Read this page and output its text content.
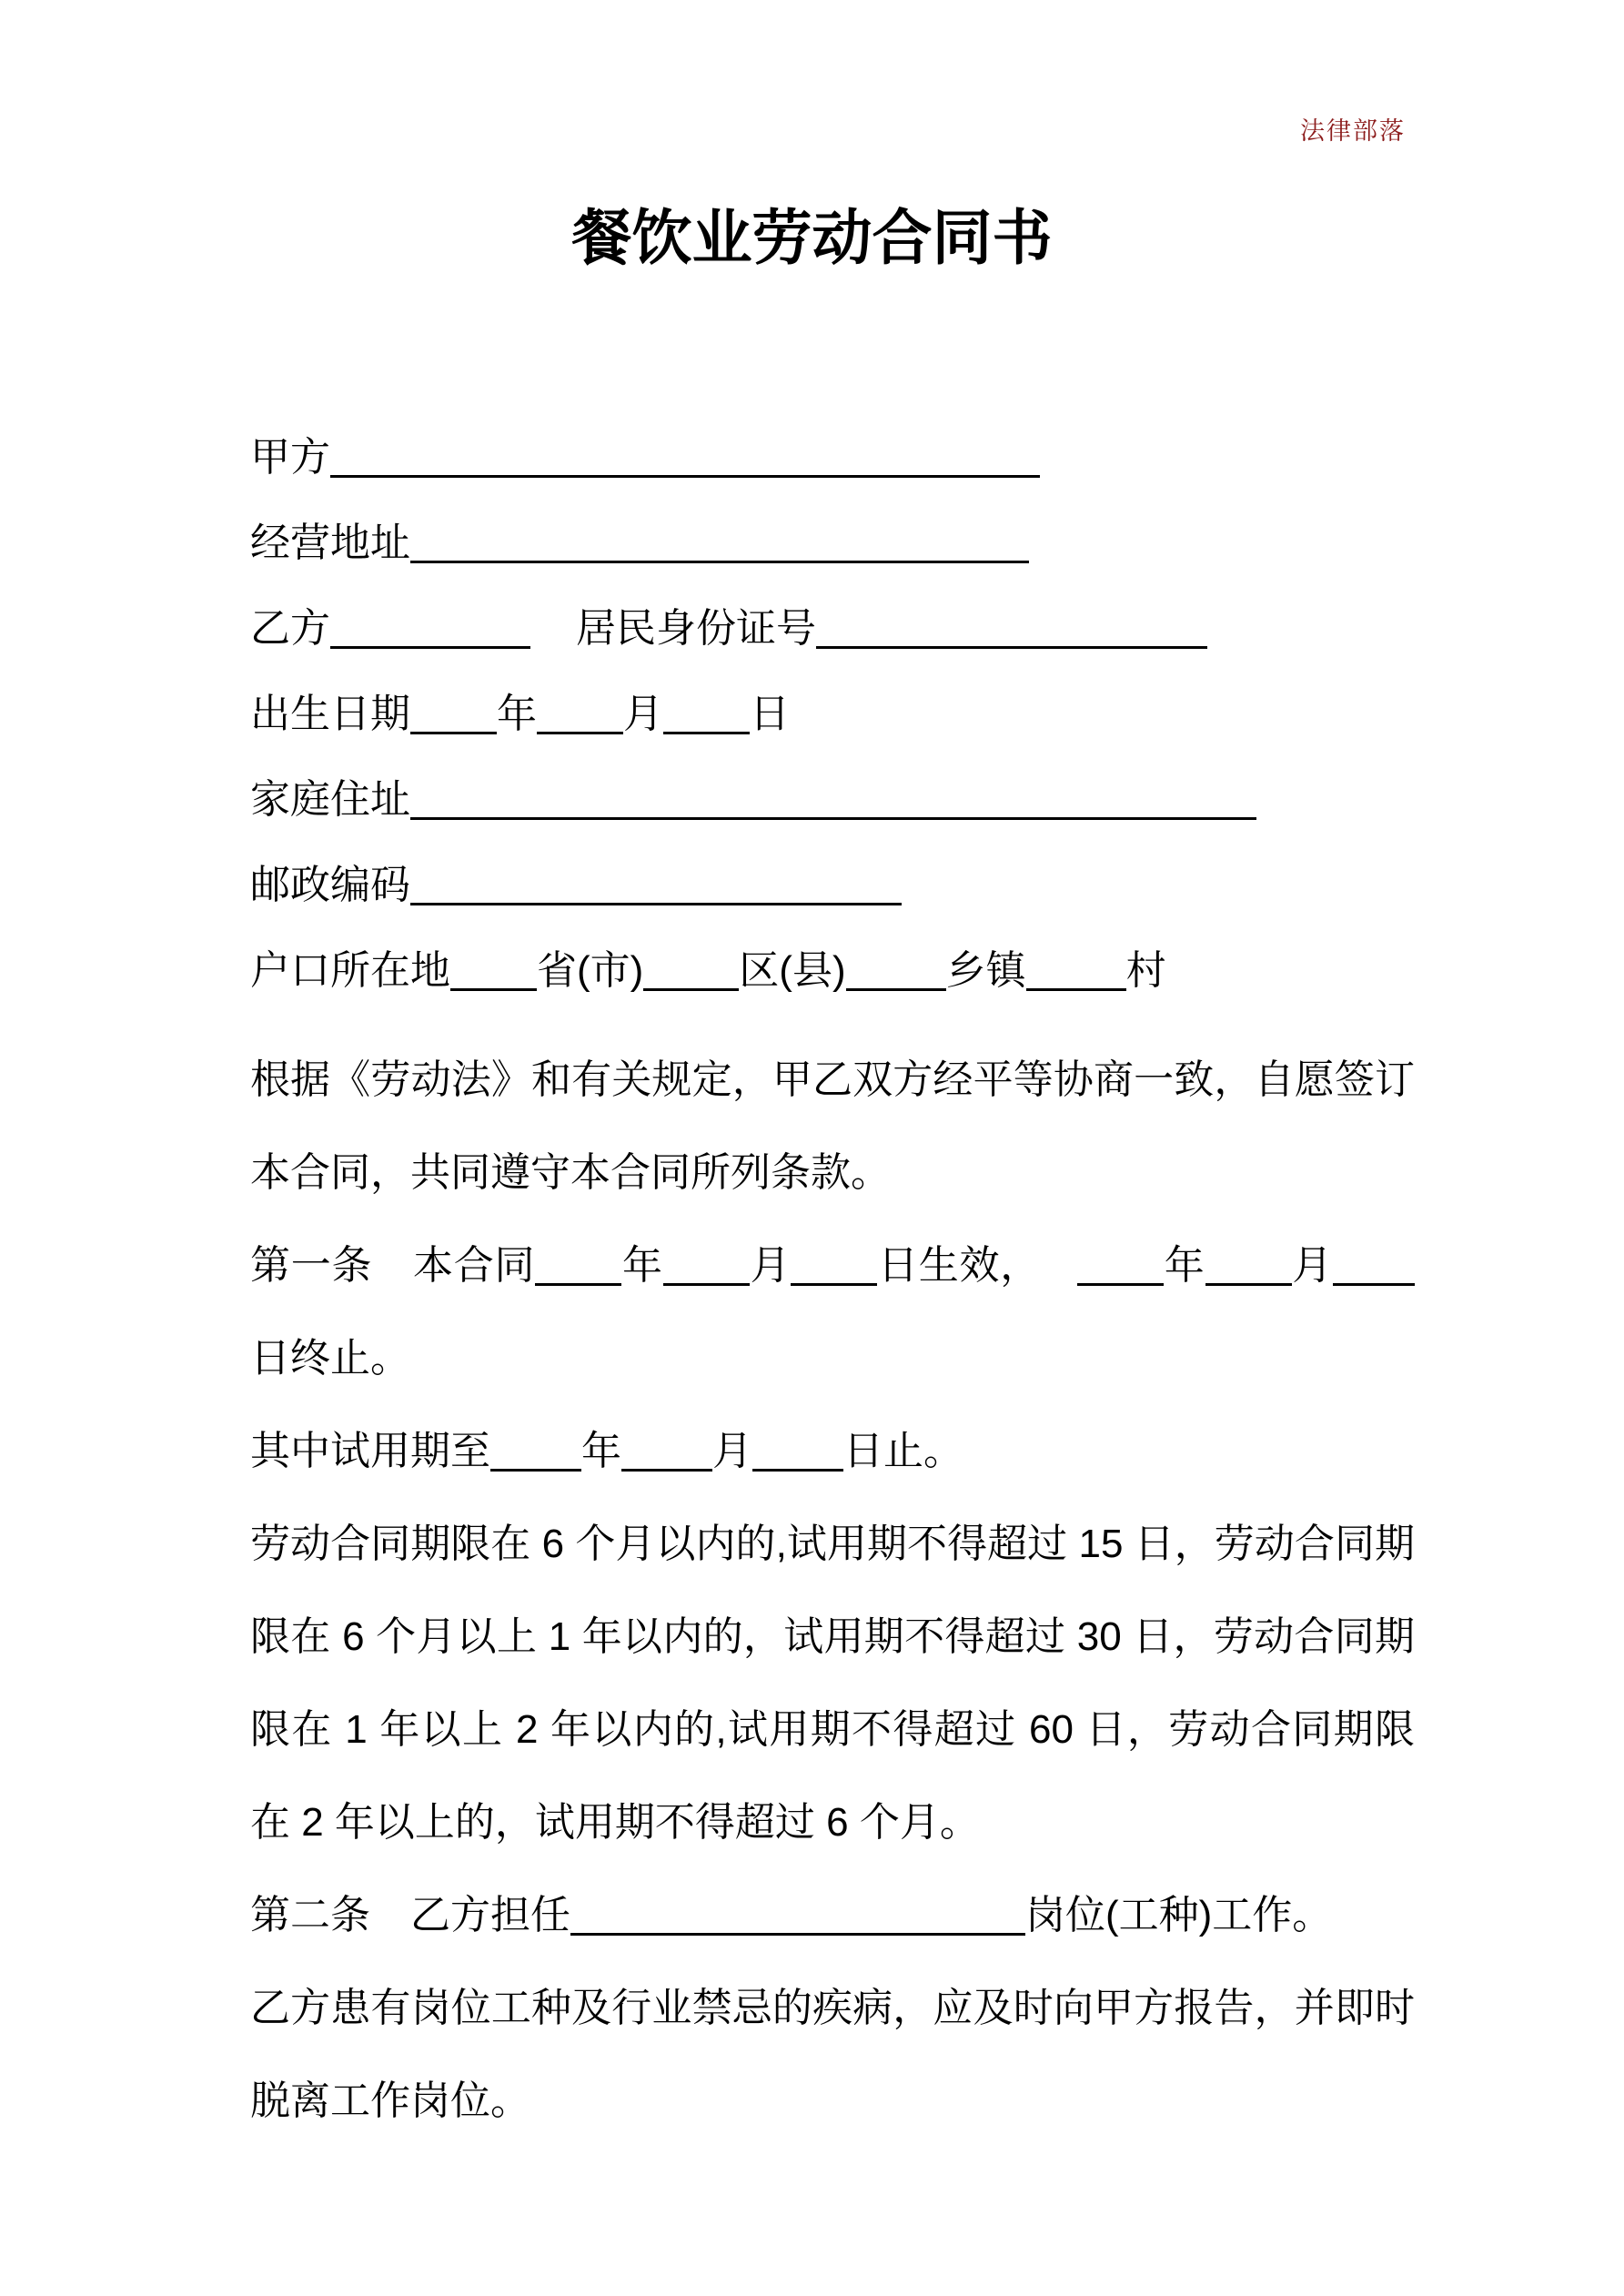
法律部落
餐饮业劳动合同书
甲方
经营地址
乙方	居民身份证号
出生日期 年 月 日
家庭住址
邮政编码
户口所在地 省(市) 区(县)	乡镇	村
根据《劳动法》和有关规定，甲乙双方经平等协商一致，自愿签订本合同，共同遵守本合同所列条款。
第一条　本合同 年 月 日生效，	年 月日终止。
其中试用期至 年 月 日止。
劳动合同期限在 6 个月以内的,试用期不得超过 15 日，劳动合同期限在 6 个月以上 1 年以内的，试用期不得超过 30 日，劳动合同期限在 1 年以上 2 年以内的,试用期不得超过 60 日，劳动合同期限在 2 年以上的，试用期不得超过 6 个月。
第二条　乙方担任	岗位(工种)工作。
乙方患有岗位工种及行业禁忌的疾病，应及时向甲方报告，并即时脱离工作岗位。
